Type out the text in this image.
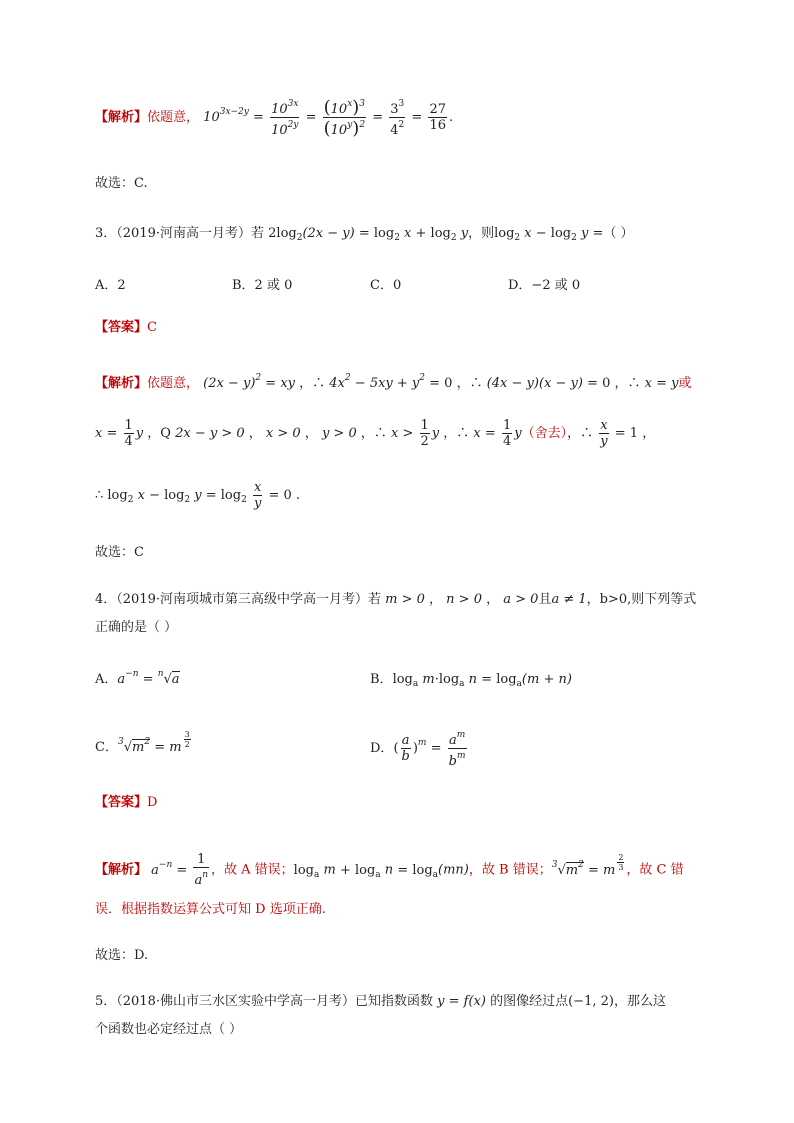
【解析】依题意， $10^{3x-2y} = \frac{10^{3x}}{10^{2y}} = \frac{(10^x)^3}{(10^y)^2} = \frac{3^3}{4^2} = \frac{27}{16}$ .
故选：C.
3．（2019·河南高一月考）若 $2\log_2(2x - y) = \log_2 x + \log_2 y$，则$\log_2 x - \log_2 y$ =（ ）
A．2	B．2 或 0	C．0	D．−2 或 0
【答案】C
【解析】依题意， $(2x - y)^2$ = xy ，∴ $4x^2 - 5xy + y^2 = 0$ ，∴ (4x − y)(x − y) = 0 ，∴ x = y或
$x = \frac{1}{4}$ y ，Q 2x − y > 0 ， x > 0 ， y > 0 ，∴ $x > \frac{1}{2}$ y ，∴ $x = \frac{1}{4} y$（舍去），∴ $\frac{x}{y} = 1$ ，
∴ $\log_2 x - \log_2 y = \log_2 \frac{x}{y} = 0$ .
故选：C
4．（2019·河南项城市第三高级中学高一月考）若 m > 0 ， n > 0 ， a > 0且a ≠ 1，b>0,则下列等式
正确的是（ ）
A．$a^{-n} = ^n√a$	B．$\log_a m\cdot\log_a$ $n = \log_a(m + n)$
C．$^3√m^2 = m$ $^{\frac{3}{2}}$	D．( $\frac{a}{b} )^m = \frac{a^m}{b^m}$
【答案】D
【解析】 $a^{-n} = \frac{1}{a^n}$ ，故 A 错误；$\log_a m + \log_a n = \log_a(mn)$，故 B 错误；$^3√m^2 = m$ $^{\frac{2}{3}}$ ，故 C 错
误．根据指数运算公式可知 D 选项正确.
故选：D.
5．（2018·佛山市三水区实验中学高一月考）已知指数函数 y = f(x) 的图像经过点(−1, 2)，那么这
个函数也必定经过点（ ）
